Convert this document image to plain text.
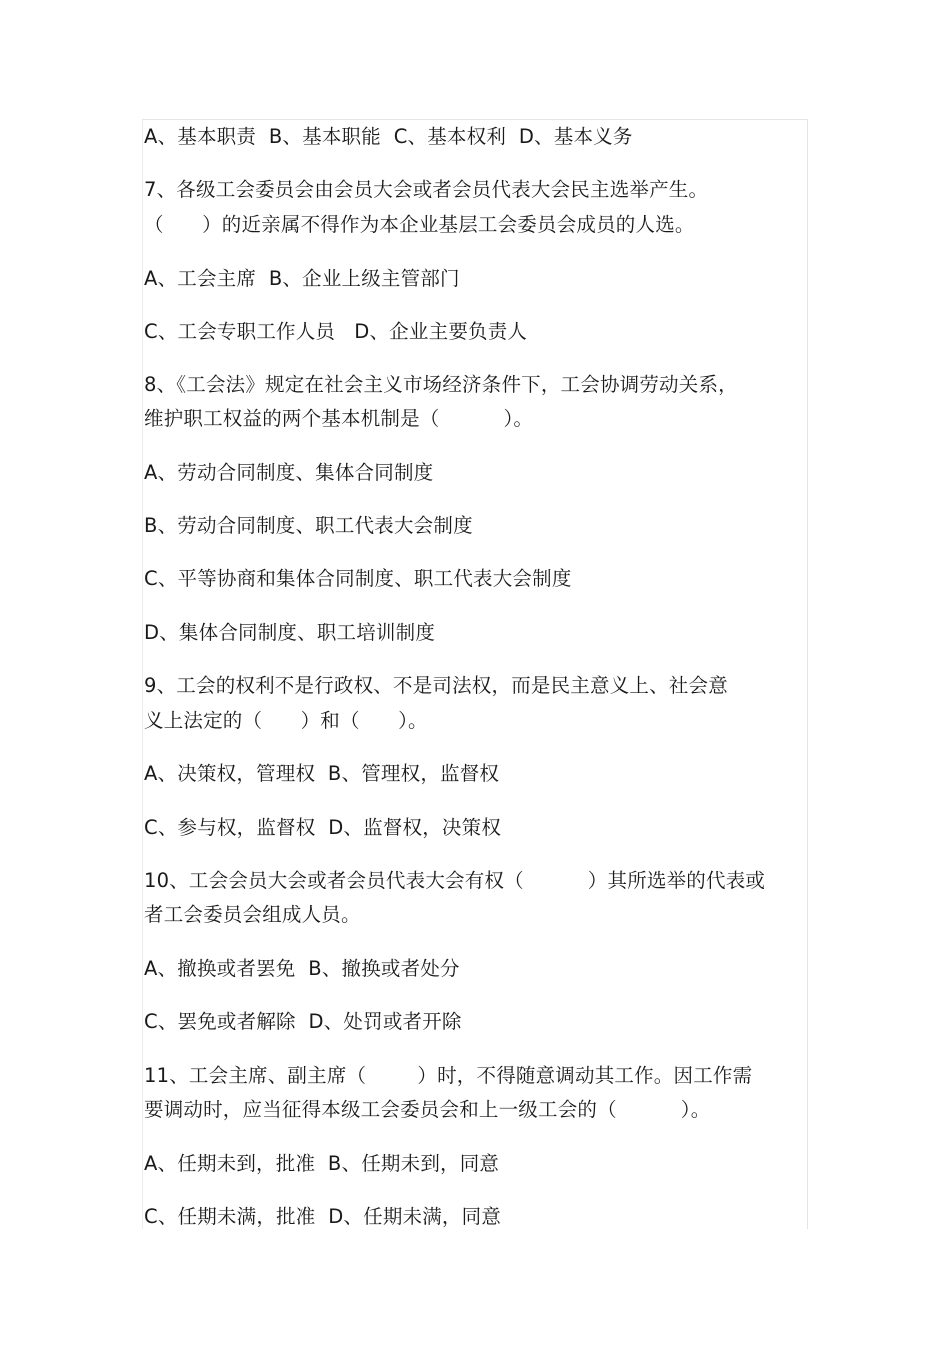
A、基本职责  B、基本职能  C、基本权利  D、基本义务
7、各级工会委员会由会员大会或者会员代表大会民主选举产生。
（      ）的近亲属不得作为本企业基层工会委员会成员的人选。
A、工会主席  B、企业上级主管部门
C、工会专职工作人员   D、企业主要负责人
8、《工会法》规定在社会主义市场经济条件下，工会协调劳动关系，
维护职工权益的两个基本机制是（          ）。
A、劳动合同制度、集体合同制度
B、劳动合同制度、职工代表大会制度
C、平等协商和集体合同制度、职工代表大会制度
D、集体合同制度、职工培训制度
9、工会的权利不是行政权、不是司法权，而是民主意义上、社会意
义上法定的（      ）和（      ）。
A、决策权，管理权  B、管理权，监督权
C、参与权，监督权  D、监督权，决策权
10、工会会员大会或者会员代表大会有权（          ）其所选举的代表或
者工会委员会组成人员。
A、撤换或者罢免  B、撤换或者处分
C、罢免或者解除  D、处罚或者开除
11、工会主席、副主席（        ）时，不得随意调动其工作。因工作需
要调动时，应当征得本级工会委员会和上一级工会的（          ）。
A、任期未到，批准  B、任期未到，同意
C、任期未满，批准  D、任期未满，同意
